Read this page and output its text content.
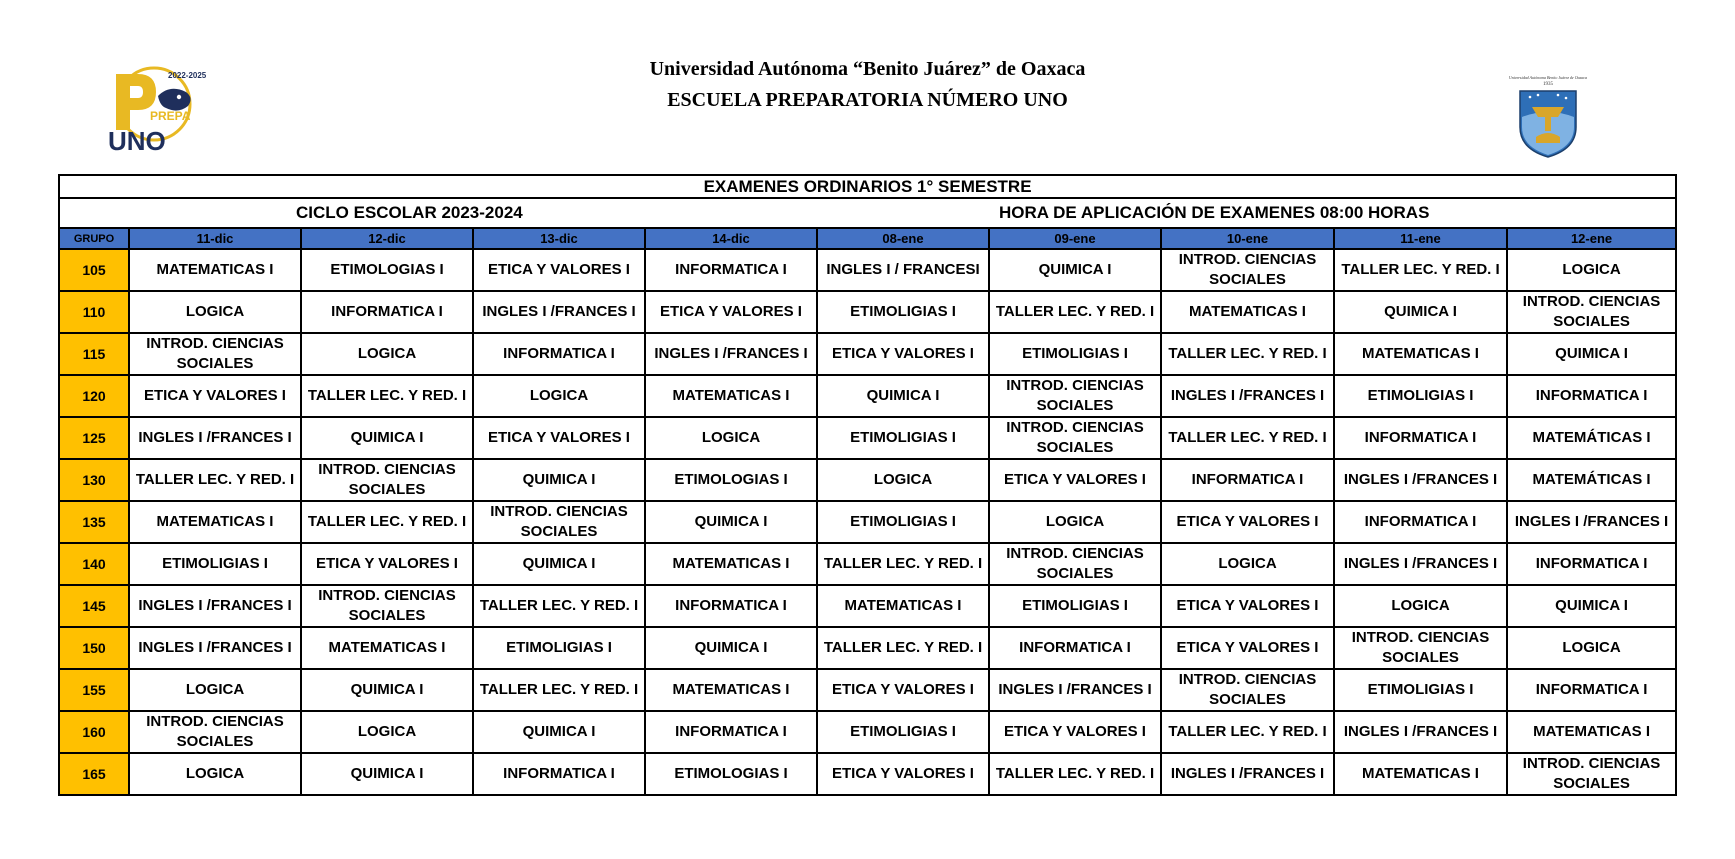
2022-2025
PREPA
UNO
Universidad Autónoma Benito Juárez de Oaxaca
1935
Universidad Autónoma “Benito Juárez” de Oaxaca
ESCUELA PREPARATORIA NÚMERO UNO
EXAMENES ORDINARIOS 1° SEMESTRE									

CICLO ESCOLAR 2023-2024 HORA DE APLICACIÓN DE EXAMENES 08:00 HORAS									

GRUPO	11-dic	12-dic	13-dic	14-dic	08-ene	09-ene	10-ene	11-ene	12-ene
105	MATEMATICAS I	ETIMOLOGIAS I	ETICA Y VALORES I	INFORMATICA I	INGLES I / FRANCESI	QUIMICA I	INTROD. CIENCIAS SOCIALES	TALLER LEC. Y RED. I	LOGICA
110	LOGICA	INFORMATICA I	INGLES I /FRANCES I	ETICA Y VALORES I	ETIMOLIGIAS I	TALLER LEC. Y RED. I	MATEMATICAS I	QUIMICA I	INTROD. CIENCIAS SOCIALES
115	INTROD. CIENCIAS SOCIALES	LOGICA	INFORMATICA I	INGLES I /FRANCES I	ETICA Y VALORES I	ETIMOLIGIAS I	TALLER LEC. Y RED. I	MATEMATICAS I	QUIMICA I
120	ETICA Y VALORES I	TALLER LEC. Y RED. I	LOGICA	MATEMATICAS I	QUIMICA I	INTROD. CIENCIAS SOCIALES	INGLES I /FRANCES I	ETIMOLIGIAS I	INFORMATICA I
125	INGLES I /FRANCES I	QUIMICA I	ETICA Y VALORES I	LOGICA	ETIMOLIGIAS I	INTROD. CIENCIAS SOCIALES	TALLER LEC. Y RED. I	INFORMATICA I	MATEMÁTICAS I
130	TALLER LEC. Y RED. I	INTROD. CIENCIAS SOCIALES	QUIMICA I	ETIMOLOGIAS I	LOGICA	ETICA Y VALORES I	INFORMATICA I	INGLES I /FRANCES I	MATEMÁTICAS I
135	MATEMATICAS I	TALLER LEC. Y RED. I	INTROD. CIENCIAS SOCIALES	QUIMICA I	ETIMOLIGIAS I	LOGICA	ETICA Y VALORES I	INFORMATICA I	INGLES I /FRANCES I
140	ETIMOLIGIAS I	ETICA Y VALORES I	QUIMICA I	MATEMATICAS I	TALLER LEC. Y RED. I	INTROD. CIENCIAS SOCIALES	LOGICA	INGLES I /FRANCES I	INFORMATICA I
145	INGLES I /FRANCES I	INTROD. CIENCIAS SOCIALES	TALLER LEC. Y RED. I	INFORMATICA I	MATEMATICAS I	ETIMOLIGIAS I	ETICA Y VALORES I	LOGICA	QUIMICA I
150	INGLES I /FRANCES I	MATEMATICAS I	ETIMOLIGIAS I	QUIMICA I	TALLER LEC. Y RED. I	INFORMATICA I	ETICA Y VALORES I	INTROD. CIENCIAS SOCIALES	LOGICA
155	LOGICA	QUIMICA I	TALLER LEC. Y RED. I	MATEMATICAS I	ETICA Y VALORES I	INGLES I /FRANCES I	INTROD. CIENCIAS SOCIALES	ETIMOLIGIAS I	INFORMATICA I
160	INTROD. CIENCIAS SOCIALES	LOGICA	QUIMICA I	INFORMATICA I	ETIMOLIGIAS I	ETICA Y VALORES I	TALLER LEC. Y RED. I	INGLES I /FRANCES I	MATEMATICAS I
165	LOGICA	QUIMICA I	INFORMATICA I	ETIMOLOGIAS I	ETICA Y VALORES I	TALLER LEC. Y RED. I	INGLES I /FRANCES I	MATEMATICAS I	INTROD. CIENCIAS SOCIALES
